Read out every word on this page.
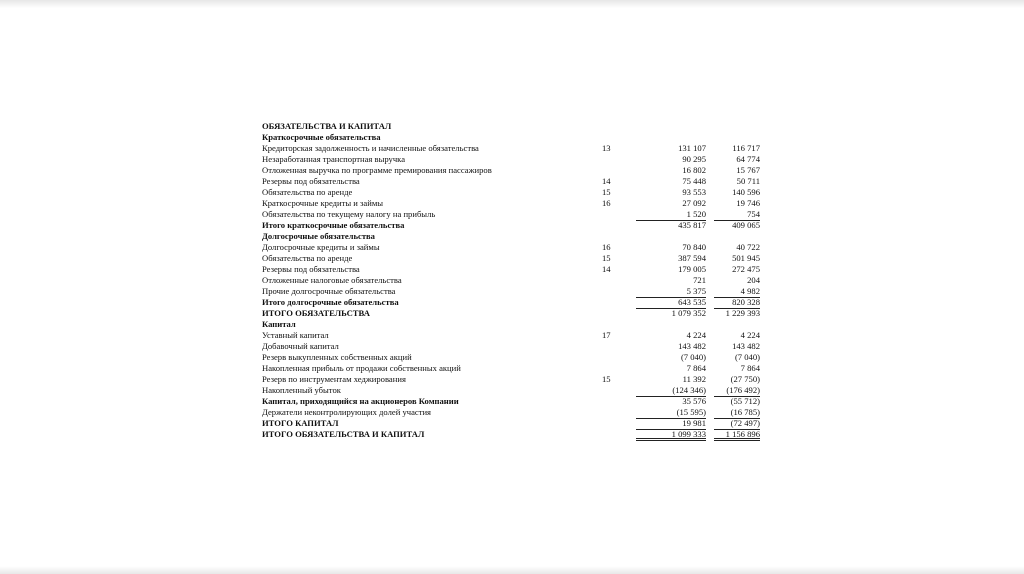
ОБЯЗАТЕЛЬСТВА И КАПИТАЛ
Краткосрочные обязательства
Кредиторская задолженность и начисленные обязательства	13	131 107	116 717
Незаработанная транспортная выручка	90 295	64 774
Отложенная выручка по программе премирования пассажиров	16 802	15 767
Резервы под обязательства	14	75 448	50 711
Обязательства по аренде	15	93 553	140 596
Краткосрочные кредиты и займы	16	27 092	19 746
Обязательства по текущему налогу на прибыль	1 520	754
Итого краткосрочные обязательства	435 817	409 065
Долгосрочные обязательства
Долгосрочные кредиты и займы	16	70 840	40 722
Обязательства по аренде	15	387 594	501 945
Резервы под обязательства	14	179 005	272 475
Отложенные налоговые обязательства	721	204
Прочие долгосрочные обязательства	5 375	4 982
Итого долгосрочные обязательства	643 535	820 328
ИТОГО ОБЯЗАТЕЛЬСТВА	1 079 352	1 229 393
Капитал
Уставный капитал	17	4 224	4 224
Добавочный капитал	143 482	143 482
Резерв выкупленных собственных акций	(7 040)	(7 040)
Накопленная прибыль от продажи собственных акций	7 864	7 864
Резерв по инструментам хеджирования	15	11 392	(27 750)
Накопленный убыток	(124 346)	(176 492)
Капитал, приходящийся на акционеров Компании	35 576	(55 712)
Держатели неконтролирующих долей участия	(15 595)	(16 785)
ИТОГО КАПИТАЛ	19 981	(72 497)
ИТОГО ОБЯЗАТЕЛЬСТВА И КАПИТАЛ	1 099 333	1 156 896
